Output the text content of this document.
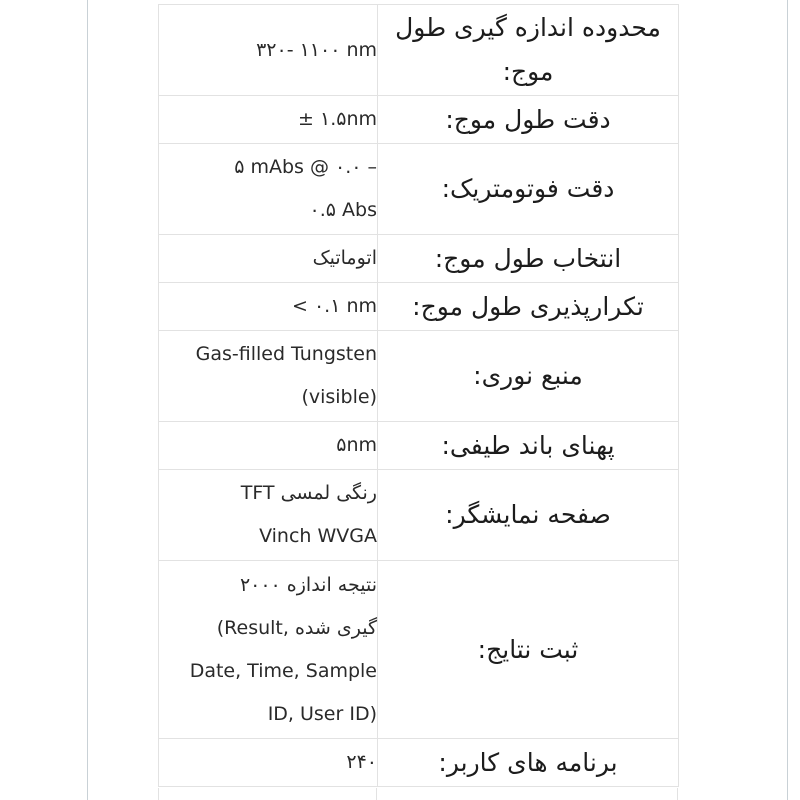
۳۲۰- ۱۱۰۰ nm	محدوده اندازه گیری طول موج:

± ۱.۵nm	دقت طول موج:

۵ mAbs @ ۰.۰ –
۰.۵ Abs	دقت فوتومتریک:

اتوماتیک	انتخاب طول موج:

< ۰.۱ nm	تکرارپذیری طول موج:

Gas-filled Tungsten
(visible)	منبع نوری:

۵nm	پهنای باند طیفی:

TFT رنگی لمسی
Vinch WVGA	صفحه نمایشگر:

نتیجه اندازه ۲۰۰۰
(Result, گیری شده
Date, Time, Sample
ID, User ID)	ثبت نتایج:

۲۴۰	برنامه های کاربر:
